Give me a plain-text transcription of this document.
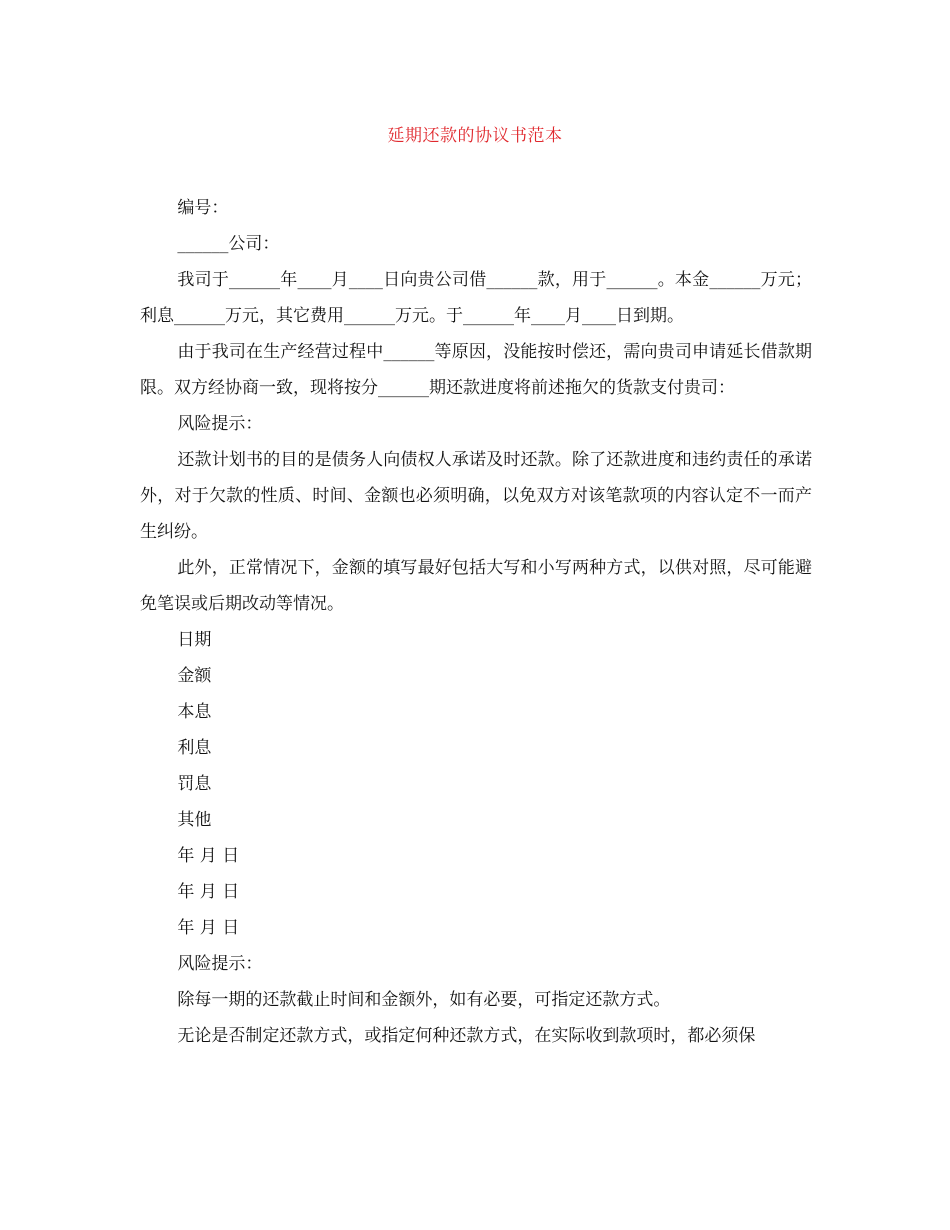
延期还款的协议书范本

编号：

______公司：

我司于______年____月____日向贵公司借______款，用于______。本金______万元；利息______万元，其它费用______万元。于______年____月____日到期。

由于我司在生产经营过程中______等原因，没能按时偿还，需向贵司申请延长借款期限。双方经协商一致，现将按分______期还款进度将前述拖欠的货款支付贵司：

风险提示：

还款计划书的目的是债务人向债权人承诺及时还款。除了还款进度和违约责任的承诺外，对于欠款的性质、时间、金额也必须明确，以免双方对该笔款项的内容认定不一而产生纠纷。

此外，正常情况下，金额的填写最好包括大写和小写两种方式，以供对照，尽可能避免笔误或后期改动等情况。

日期

金额

本息

利息

罚息

其他

年 月 日

年 月 日

年 月 日

风险提示：

除每一期的还款截止时间和金额外，如有必要，可指定还款方式。

无论是否制定还款方式，或指定何种还款方式，在实际收到款项时，都必须保
